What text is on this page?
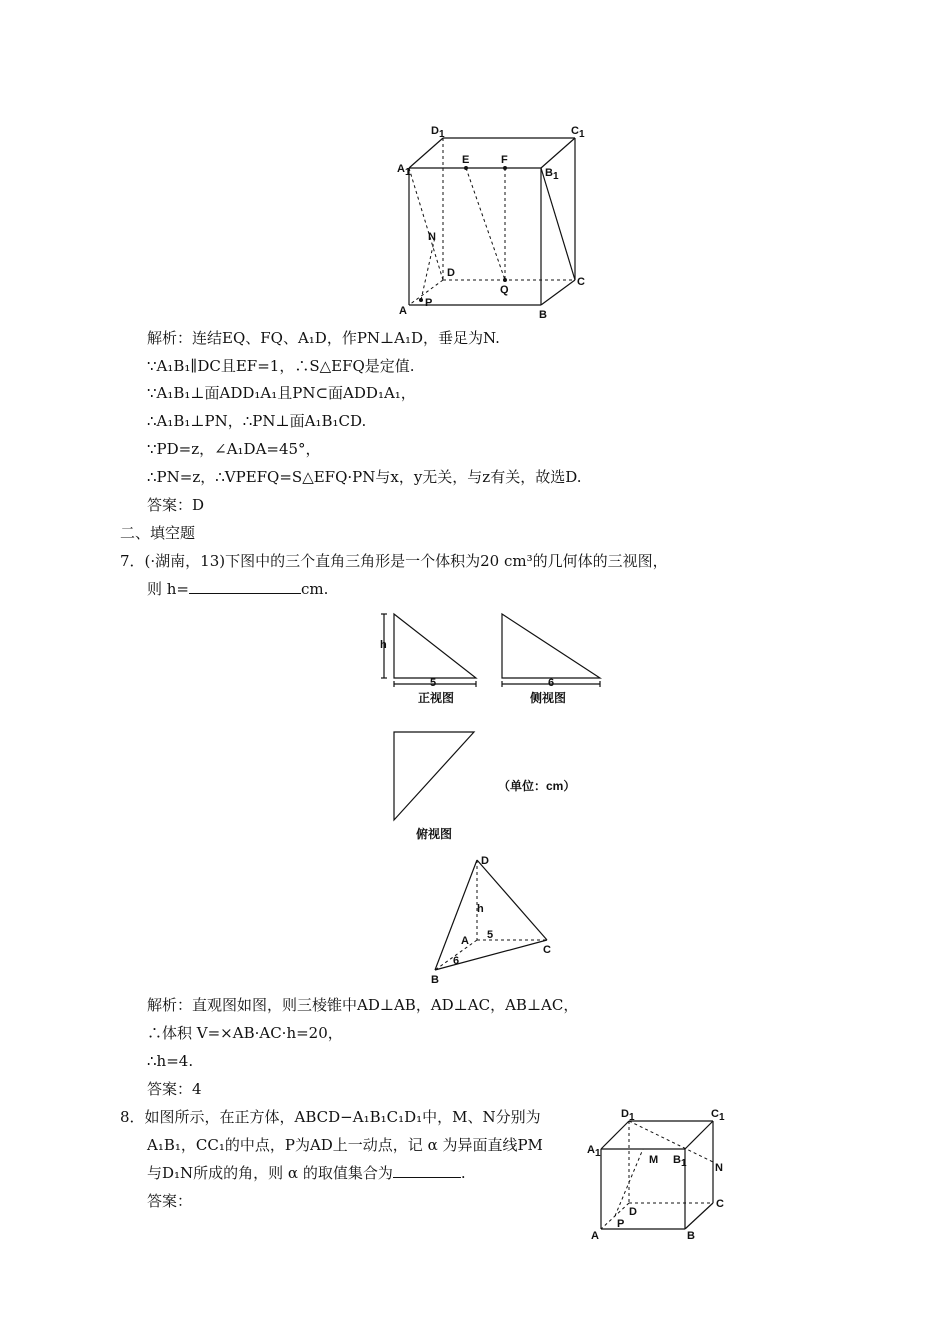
D1	C1
A1	B1
E	F
N
D
Q
C
A
P
B
解析：连结EQ、FQ、A₁D，作PN⊥A₁D，垂足为N.
∵A₁B₁∥DC且EF=1，∴S△EFQ是定值.
∵A₁B₁⊥面ADD₁A₁且PN⊂面ADD₁A₁，
∴A₁B₁⊥PN，∴PN⊥面A₁B₁CD.
∵PD=z，∠A₁DA=45°，
∴PN=z，∴VPEFQ=S△EFQ·PN与x，y无关，与z有关，故选D.
答案：D
二、填空题
7．(·湖南，13)下图中的三个直角三角形是一个体积为20 cm³的几何体的三视图，
则 h=	cm.
h
5
正视图
6
侧视图
俯视图
（单位：cm）
D
h
A 5
6
C
B
解析：直观图如图，则三棱锥中AD⊥AB，AD⊥AC，AB⊥AC，
∴体积 V=×AB·AC·h=20，
∴h=4.
答案：4
8．如图所示，在正方体，ABCD−A₁B₁C₁D₁中，M、N分别为
A₁B₁，CC₁的中点，P为AD上一动点，记 α 为异面直线PM
与D₁N所成的角，则 α 的取值集合为	.
答案：
D1	C1
A1
M B1	N
D
C
P
A	B
